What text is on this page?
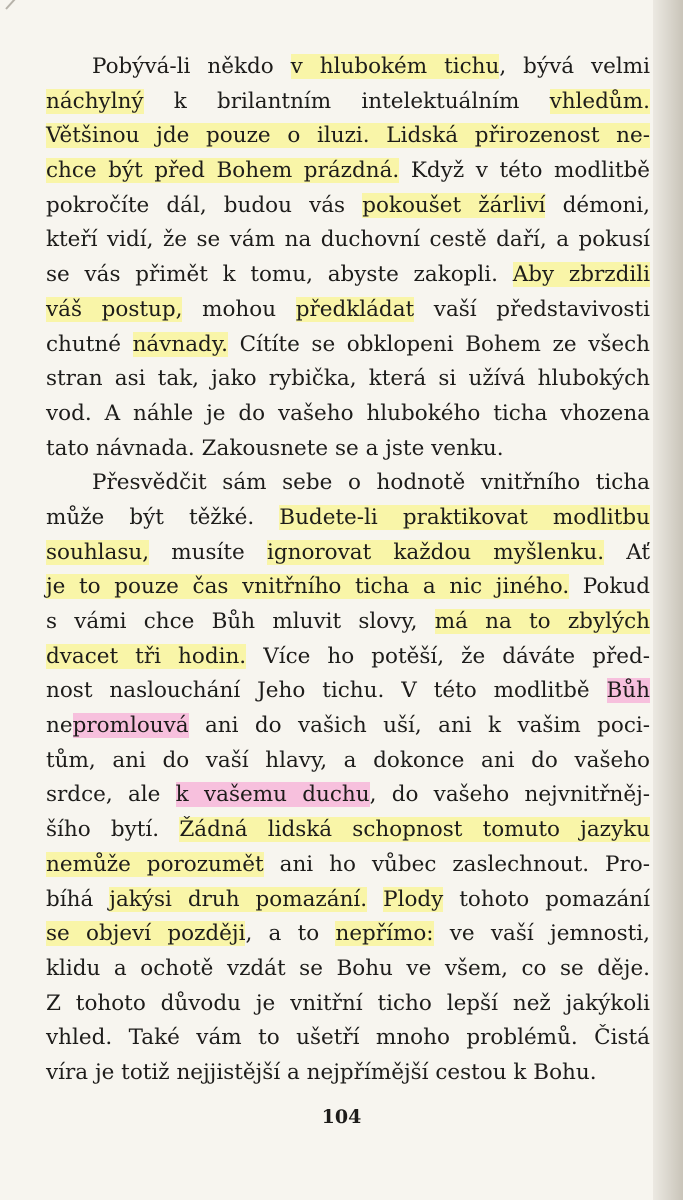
Pobývá-li někdo v hlubokém tichu, bývá velmi
náchylný k brilantním intelektuálním vhledům.
Většinou jde pouze o iluzi. Lidská přirozenost ne-
chce být před Bohem prázdná. Když v této modlitbě
pokročíte dál, budou vás pokoušet žárliví démoni,
kteří vidí, že se vám na duchovní cestě daří, a pokusí
se vás přimět k tomu, abyste zakopli. Aby zbrzdili
váš postup, mohou předkládat vaší představivosti
chutné návnady. Cítíte se obklopeni Bohem ze všech
stran asi tak, jako rybička, která si užívá hlubokých
vod. A náhle je do vašeho hlubokého ticha vhozena
tato návnada. Zakousnete se a jste venku.
Přesvědčit sám sebe o hodnotě vnitřního ticha
může být těžké. Budete-li praktikovat modlitbu
souhlasu, musíte ignorovat každou myšlenku. Ať
je to pouze čas vnitřního ticha a nic jiného. Pokud
s vámi chce Bůh mluvit slovy, má na to zbylých
dvacet tři hodin. Více ho potěší, že dáváte před-
nost naslouchání Jeho tichu. V této modlitbě Bůh
nepromlouvá ani do vašich uší, ani k vašim poci-
tům, ani do vaší hlavy, a dokonce ani do vašeho
srdce, ale k vašemu duchu, do vašeho nejvnitřněj-
šího bytí. Žádná lidská schopnost tomuto jazyku
nemůže porozumět ani ho vůbec zaslechnout. Pro-
bíhá jakýsi druh pomazání. Plody tohoto pomazání
se objeví později, a to nepřímo: ve vaší jemnosti,
klidu a ochotě vzdát se Bohu ve všem, co se děje.
Z tohoto důvodu je vnitřní ticho lepší než jakýkoli
vhled. Také vám to ušetří mnoho problémů. Čistá
víra je totiž nejjistější a nejpřímější cestou k Bohu.
104
